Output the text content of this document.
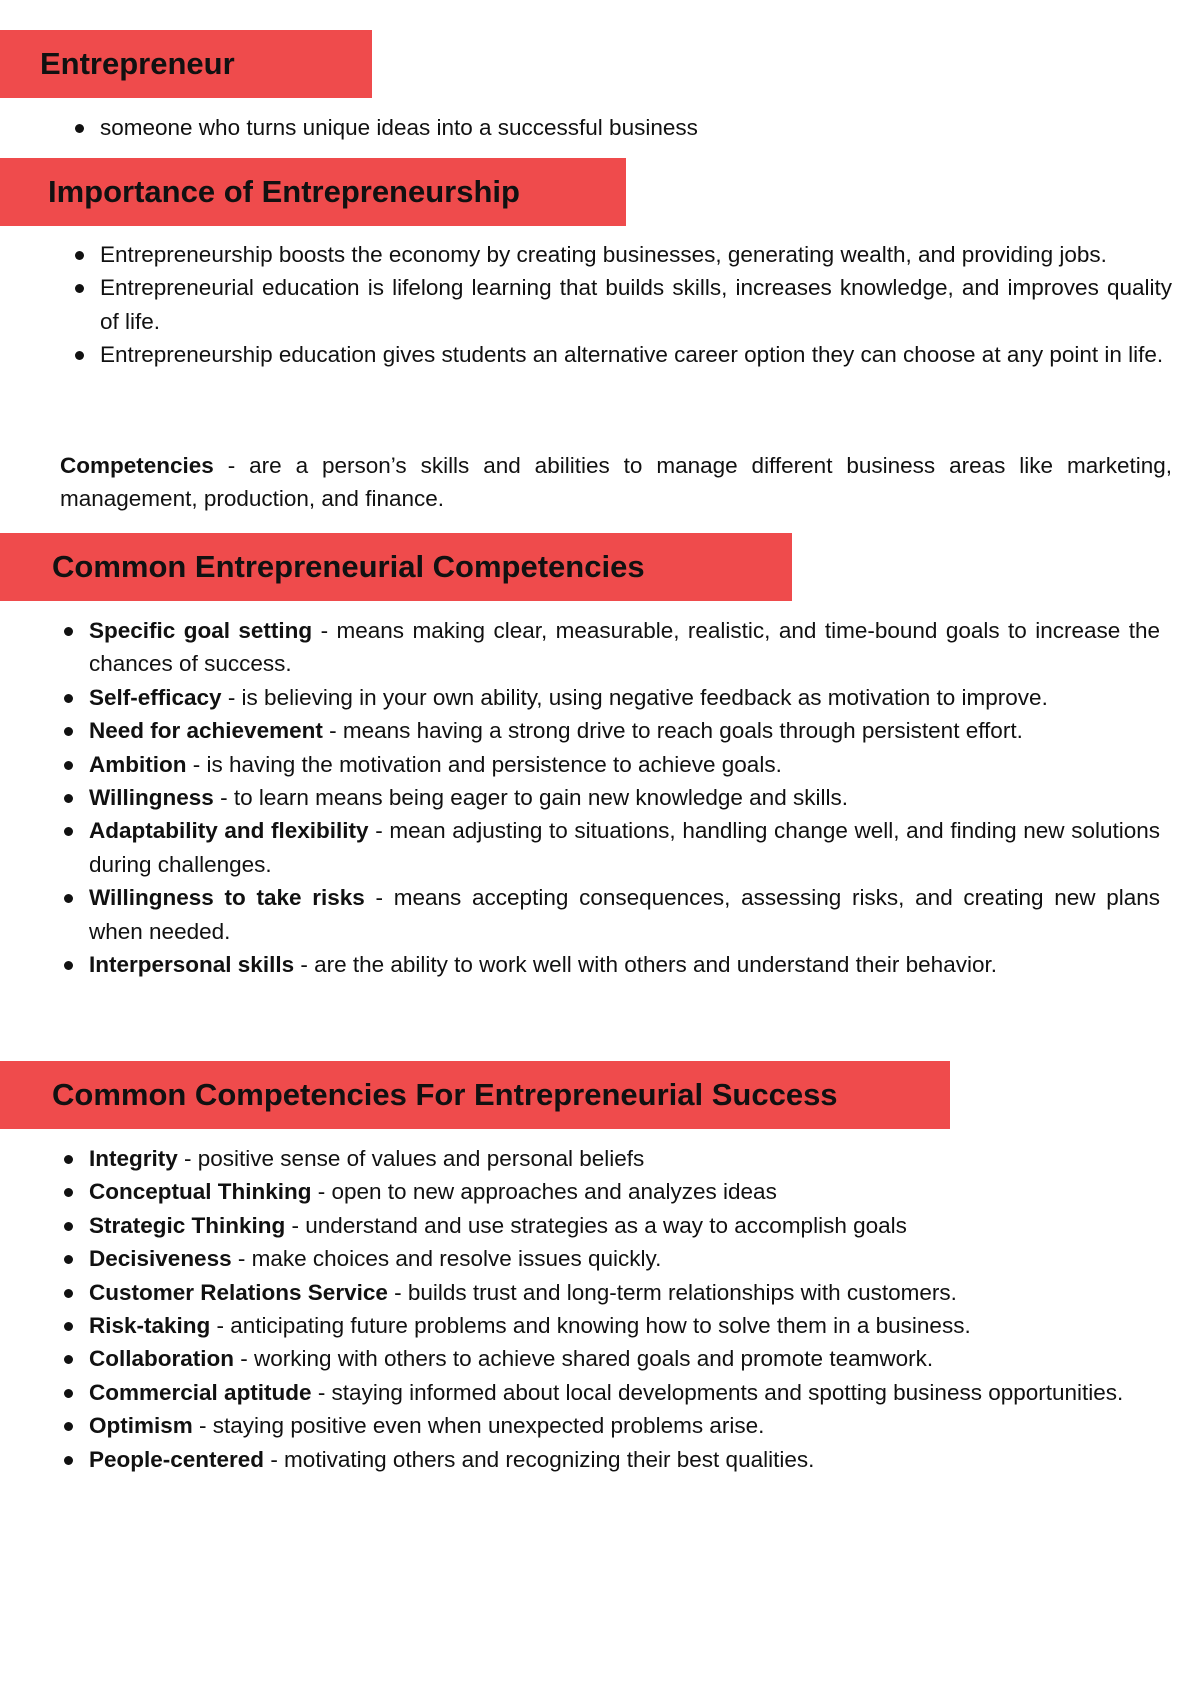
Entrepreneur
someone who turns unique ideas into a successful business
Importance of Entrepreneurship
Entrepreneurship boosts the economy by creating businesses, generating wealth, and providing jobs.
Entrepreneurial education is lifelong learning that builds skills, increases knowledge, and improves quality of life.
Entrepreneurship education gives students an alternative career option they can choose at any point in life.

Competencies - are a person’s skills and abilities to manage different business areas like marketing, management, production, and finance.

Common Entrepreneurial Competencies
Specific goal setting - means making clear, measurable, realistic, and time-bound goals to increase the chances of success.
Self-efficacy - is believing in your own ability, using negative feedback as motivation to improve.
Need for achievement - means having a strong drive to reach goals through persistent effort.
Ambition - is having the motivation and persistence to achieve goals.
Willingness - to learn means being eager to gain new knowledge and skills.
Adaptability and flexibility - mean adjusting to situations, handling change well, and finding new solutions during challenges.
Willingness to take risks - means accepting consequences, assessing risks, and creating new plans when needed.
Interpersonal skills - are the ability to work well with others and understand their behavior.
Common Competencies For Entrepreneurial Success
Integrity - positive sense of values and personal beliefs
Conceptual Thinking - open to new approaches and analyzes ideas
Strategic Thinking - understand and use strategies as a way to accomplish goals
Decisiveness - make choices and resolve issues quickly.
Customer Relations Service - builds trust and long-term relationships with customers.
Risk-taking - anticipating future problems and knowing how to solve them in a business.
Collaboration - working with others to achieve shared goals and promote teamwork.
Commercial aptitude - staying informed about local developments and spotting business opportunities.
Optimism - staying positive even when unexpected problems arise.
People-centered - motivating others and recognizing their best qualities.
